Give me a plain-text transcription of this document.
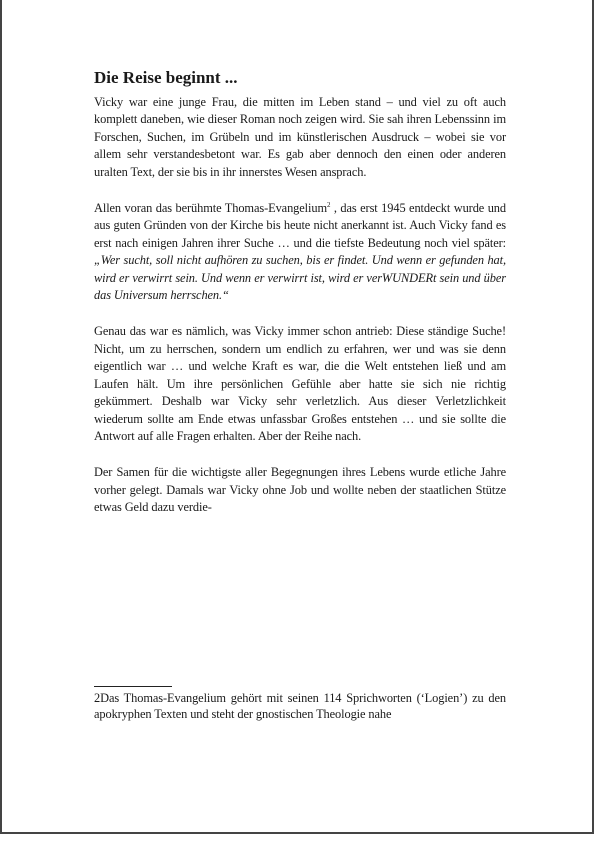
Die Reise beginnt ...

Vicky war eine junge Frau, die mitten im Leben stand – und viel zu oft auch komplett daneben, wie dieser Roman noch zeigen wird. Sie sah ihren Lebenssinn im Forschen, Suchen, im Grübeln und im künstlerischen Ausdruck – wobei sie vor allem sehr verstandesbetont war. Es gab aber dennoch den einen oder anderen uralten Text, der sie bis in ihr innerstes Wesen ansprach.

Allen voran das berühmte Thomas-Evangelium$^2$ , das erst 1945 entdeckt wurde und aus guten Gründen von der Kirche bis heute nicht anerkannt ist. Auch Vicky fand es erst nach einigen Jahren ihrer Suche … und die tiefste Bedeutung noch viel später: „Wer sucht, soll nicht aufhören zu suchen, bis er findet. Und wenn er gefunden hat, wird er verwirrt sein. Und wenn er verwirrt ist, wird er verWUNDERt sein und über das Universum herrschen.“

Genau das war es nämlich, was Vicky immer schon antrieb: Diese ständige Suche! Nicht, um zu herrschen, sondern um endlich zu erfahren, wer und was sie denn eigentlich war … und welche Kraft es war, die die Welt entstehen ließ und am Laufen hält. Um ihre persönlichen Gefühle aber hatte sie sich nie richtig gekümmert. Deshalb war Vicky sehr verletzlich. Aus dieser Verletzlichkeit wiederum sollte am Ende etwas unfassbar Großes entstehen … und sie sollte die Antwort auf alle Fragen erhalten. Aber der Reihe nach.

Der Samen für die wichtigste aller Begegnungen ihres Lebens wurde etliche Jahre vorher gelegt. Damals war Vicky ohne Job und wollte neben der staatlichen Stütze etwas Geld dazu verdie-

2Das Thomas-Evangelium gehört mit seinen 114 Sprichworten (‘Logien’) zu den apokryphen Texten und steht der gnostischen Theologie nahe
